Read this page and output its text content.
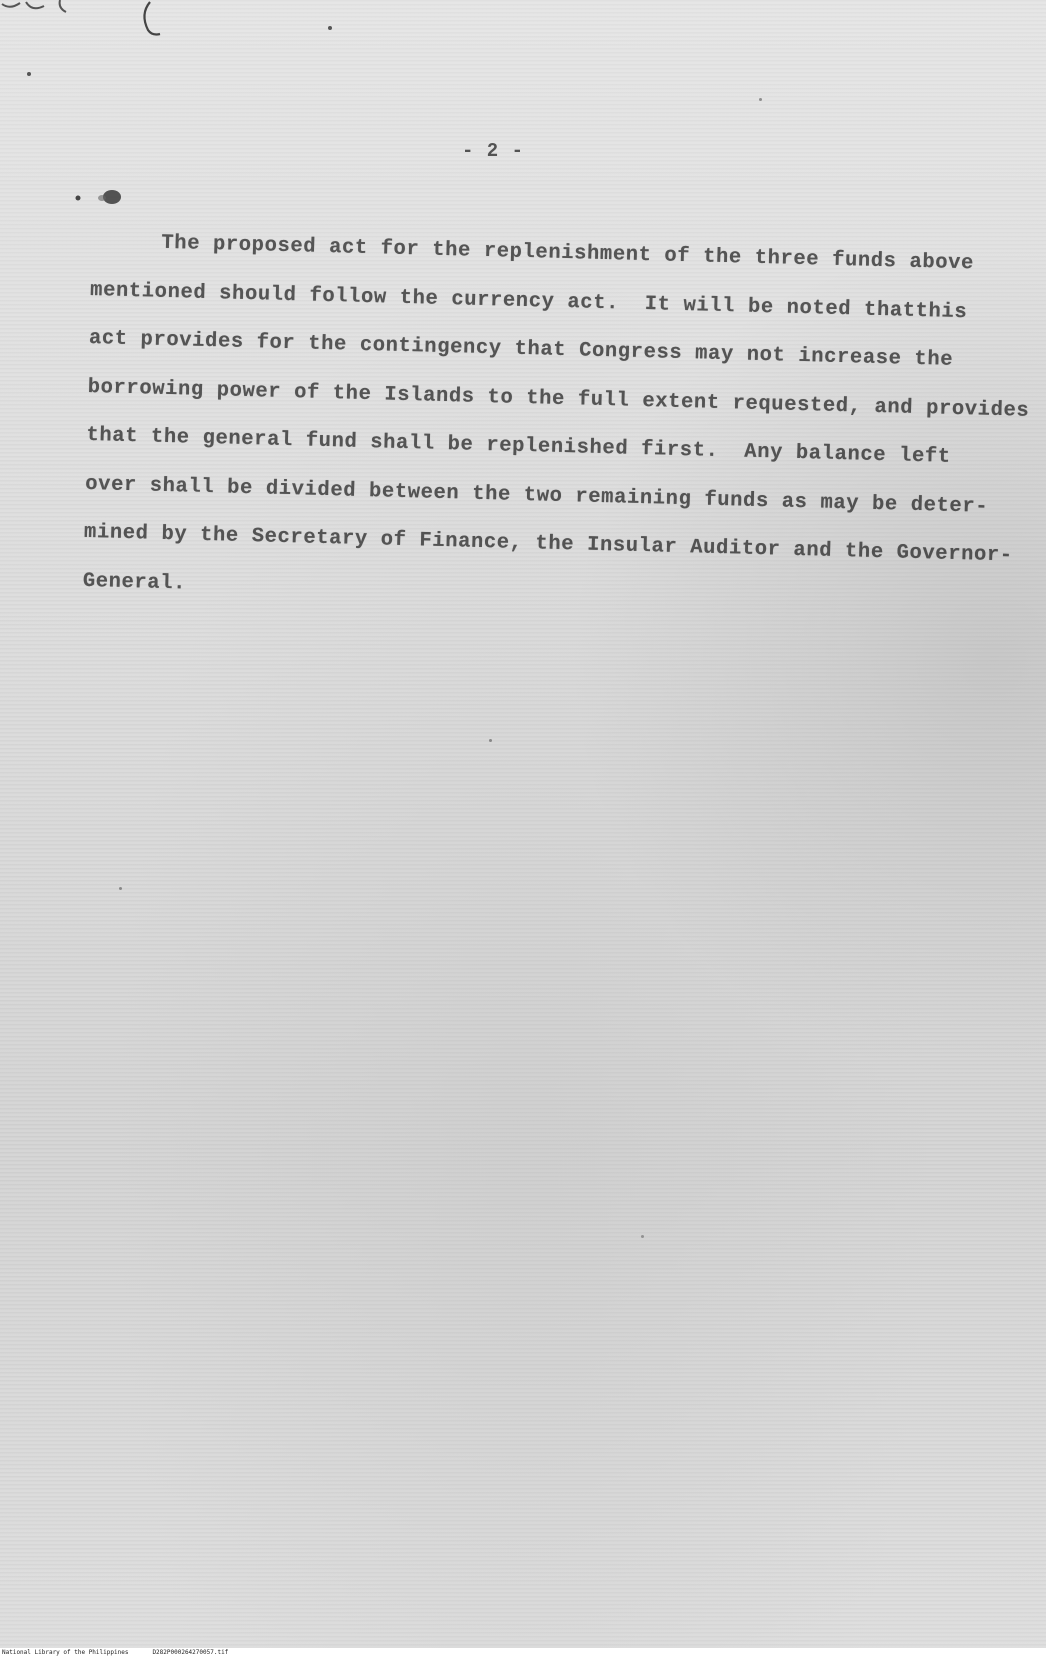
- 2 -
The proposed act for the replenishment of the three funds above
mentioned should follow the currency act.  It will be noted thatthis
act provides for the contingency that Congress may not increase the
borrowing power of the Islands to the full extent requested, and provides
that the general fund shall be replenished first.  Any balance left
over shall be divided between the two remaining funds as may be deter-
mined by the Secretary of Finance, the Insular Auditor and the Governor-
General.
National Library of the Philippines	D282P000264270057.tif
